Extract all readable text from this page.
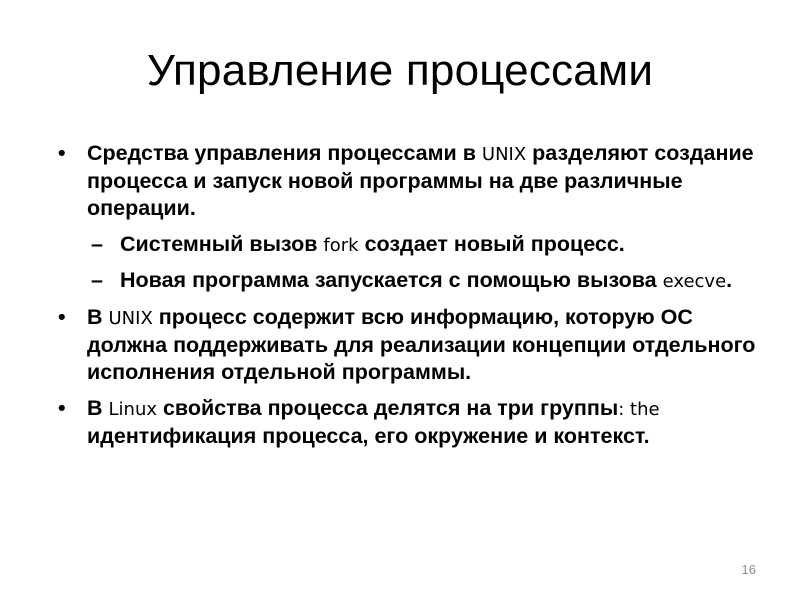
Управление процессами
• Средства управления процессами в UNIX разделяют создание процесса и запуск новой программы на две различные операции.
– Системный вызов fork создает новый процесс.
– Новая программа запускается с помощью вызова execve.
• В UNIX процесс содержит всю информацию, которую ОС должна поддерживать для реализации концепции отдельного исполнения отдельной программы.
• В Linux свойства процесса делятся на три группы: the идентификация процесса, его окружение и контекст.
16
